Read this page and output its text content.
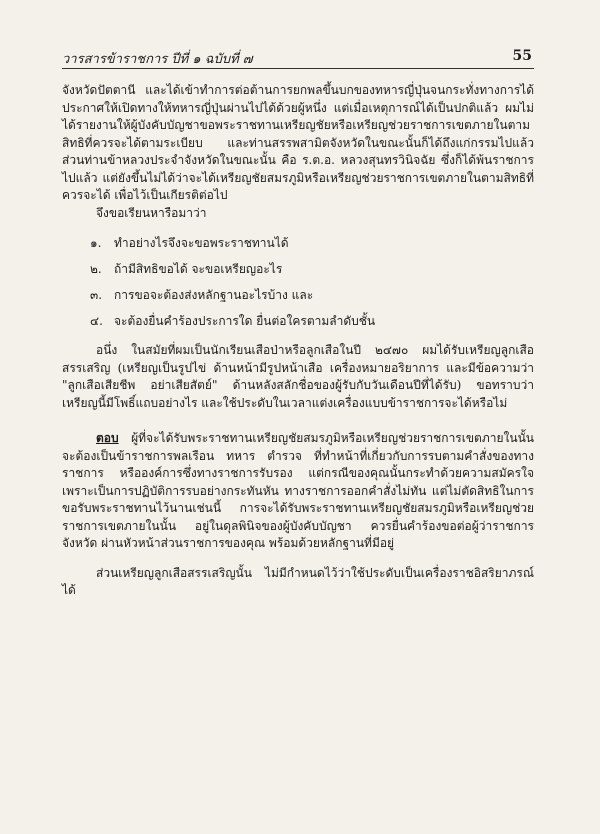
วารสารข้าราชการ ปีที่ ๑ ฉบับที่ ๗	55

จังหวัดปัตตานี และได้เข้าทำการต่อต้านการยกพลขึ้นบกของทหารญี่ปุ่นจนกระทั่งทางการได้ประกาศให้เปิดทางให้ทหารญี่ปุ่นผ่านไปได้ด้วยผู้หนึ่ง แต่เมื่อเหตุการณ์ได้เป็นปกติแล้ว ผมไม่ได้รายงานให้ผู้บังคับบัญชาขอพระราชทานเหรียญชัยหรือเหรียญช่วยราชการเขตภายในตามสิทธิที่ควรจะได้ตามระเบียบ และท่านสรรพสามิตจังหวัดในขณะนั้นก็ได้ถึงแก่กรรมไปแล้ว ส่วนท่านข้าหลวงประจำจังหวัดในขณะนั้น คือ ร.ต.อ. หลวงสุนทรวินิจฉัย ซึ่งก็ได้พ้นราชการไปแล้ว แต่ยังขึ้นไม่ได้ว่าจะได้เหรียญชัยสมรภูมิหรือเหรียญช่วยราชการเขตภายในตามสิทธิที่ควรจะได้ เพื่อไว้เป็นเกียรติต่อไป

จึงขอเรียนหารือมาว่า

๑. ทำอย่างไรจึงจะขอพระราชทานได้
๒. ถ้ามีสิทธิขอได้ จะขอเหรียญอะไร
๓. การขอจะต้องส่งหลักฐานอะไรบ้าง และ
๔. จะต้องยื่นคำร้องประการใด ยื่นต่อใครตามลำดับชั้น

อนึ่ง ในสมัยที่ผมเป็นนักเรียนเสือป่าหรือลูกเสือในปี ๒๔๗๐ ผมได้รับเหรียญลูกเสือสรรเสริญ (เหรียญเป็นรูปไข่ ด้านหน้ามีรูปหน้าเสือ เครื่องหมายอริยาการ และมีข้อความว่า "ลูกเสือเสียชีพ อย่าเสียสัตย์" ด้านหลังสลักชื่อของผู้รับกับวันเดือนปีที่ได้รับ) ขอทราบว่าเหรียญนี้มีโพธิ์แถบอย่างไร และใช้ประดับในเวลาแต่งเครื่องแบบข้าราชการจะได้หรือไม่

ตอบ ผู้ที่จะได้รับพระราชทานเหรียญชัยสมรภูมิหรือเหรียญช่วยราชการเขตภายในนั้นจะต้องเป็นข้าราชการพลเรือน ทหาร ตำรวจ ที่ทำหน้าที่เกี่ยวกับการรบตามคำสั่งของทางราชการ หรือองค์การซึ่งทางราชการรับรอง แต่กรณีของคุณนั้นกระทำด้วยความสมัครใจ เพราะเป็นการปฏิบัติการรบอย่างกระทันหัน ทางราชการออกคำสั่งไม่ทัน แต่ไม่ตัดสิทธิในการขอรับพระราชทานไว้นานเช่นนี้ การจะได้รับพระราชทานเหรียญชัยสมรภูมิหรือเหรียญช่วยราชการเขตภายในนั้น อยู่ในดุลพินิจของผู้บังคับบัญชา ควรยื่นคำร้องขอต่อผู้ว่าราชการจังหวัด ผ่านหัวหน้าส่วนราชการของคุณ พร้อมด้วยหลักฐานที่มีอยู่

ส่วนเหรียญลูกเสือสรรเสริญนั้น ไม่มีกำหนดไว้ว่าใช้ประดับเป็นเครื่องราชอิสริยาภรณ์ได้
